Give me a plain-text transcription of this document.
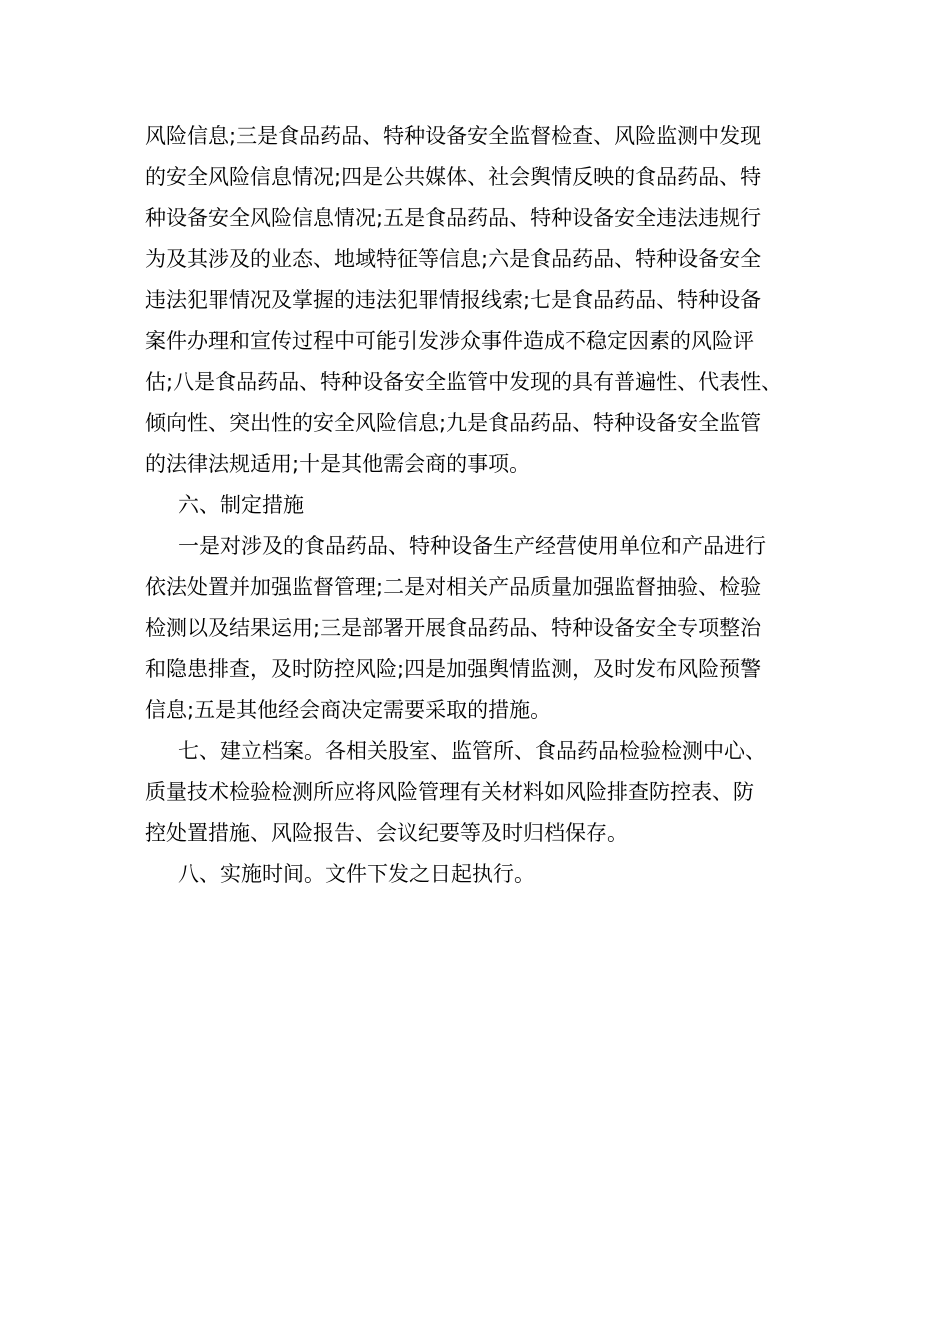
风险信息;三是食品药品、特种设备安全监督检查、风险监测中发现
的安全风险信息情况;四是公共媒体、社会舆情反映的食品药品、特
种设备安全风险信息情况;五是食品药品、特种设备安全违法违规行
为及其涉及的业态、地域特征等信息;六是食品药品、特种设备安全
违法犯罪情况及掌握的违法犯罪情报线索;七是食品药品、特种设备
案件办理和宣传过程中可能引发涉众事件造成不稳定因素的风险评
估;八是食品药品、特种设备安全监管中发现的具有普遍性、代表性、
倾向性、突出性的安全风险信息;九是食品药品、特种设备安全监管
的法律法规适用;十是其他需会商的事项。
六、制定措施
一是对涉及的食品药品、特种设备生产经营使用单位和产品进行
依法处置并加强监督管理;二是对相关产品质量加强监督抽验、检验
检测以及结果运用;三是部署开展食品药品、特种设备安全专项整治
和隐患排查，及时防控风险;四是加强舆情监测，及时发布风险预警
信息;五是其他经会商决定需要采取的措施。
七、建立档案。各相关股室、监管所、食品药品检验检测中心、
质量技术检验检测所应将风险管理有关材料如风险排查防控表、防
控处置措施、风险报告、会议纪要等及时归档保存。
八、实施时间。文件下发之日起执行。
